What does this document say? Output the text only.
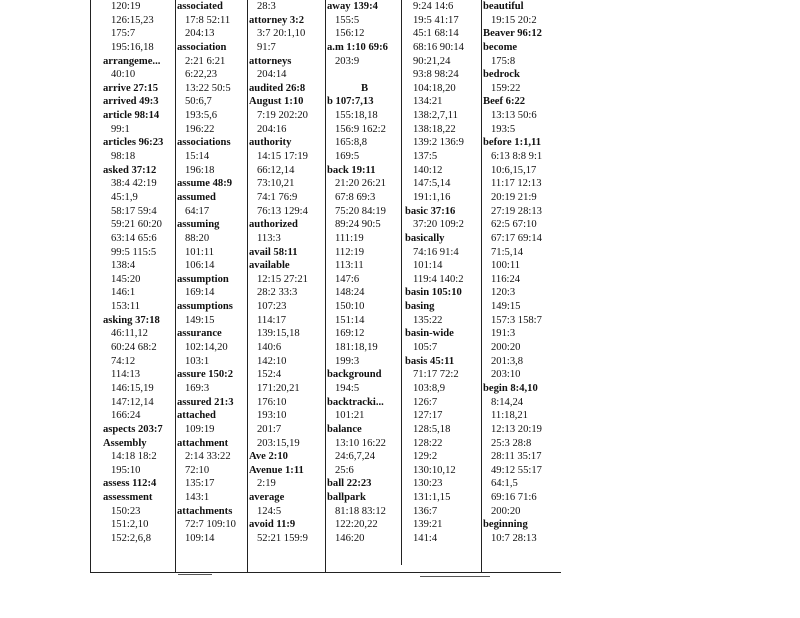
120:19
126:15,23
175:7
195:16,18
arrangeme...
40:10
arrive 27:15
arrived 49:3
article 98:14
99:1
articles 96:23
98:18
asked 37:12
38:4 42:19
45:1,9
58:17 59:4
59:21 60:20
63:14 65:6
99:5 115:5
138:4
145:20
146:1
153:11
asking 37:18
46:11,12
60:24 68:2
74:12
114:13
146:15,19
147:12,14
166:24
aspects 203:7
Assembly
14:18 18:2
195:10
assess 112:4
assessment
150:23
151:2,10
152:2,6,8
associated
17:8 52:11
204:13
association
2:21 6:21
6:22,23
13:22 50:5
50:6,7
193:5,6
196:22
associations
15:14
196:18
assume 48:9
assumed
64:17
assuming
88:20
101:11
106:14
assumption
169:14
assumptions
149:15
assurance
102:14,20
103:1
assure 150:2
169:3
assured 21:3
attached
109:19
attachment
2:14 33:22
72:10
135:17
143:1
attachments
72:7 109:10
109:14
28:3
attorney 3:2
3:7 20:1,10
91:7
attorneys
204:14
audited 26:8
August 1:10
7:19 202:20
204:16
authority
14:15 17:19
66:12,14
73:10,21
74:1 76:9
76:13 129:4
authorized
113:3
avail 58:11
available
12:15 27:21
28:2 33:3
107:23
114:17
139:15,18
140:6
142:10
152:4
171:20,21
176:10
193:10
201:7
203:15,19
Ave 2:10
Avenue 1:11
2:19
average
124:5
avoid 11:9
52:21 159:9
away 139:4
155:5
156:12
a.m 1:10 69:6
203:9
B
b 107:7,13
155:18,18
156:9 162:2
165:8,8
169:5
back 19:11
21:20 26:21
67:8 69:3
75:20 84:19
89:24 90:5
111:19
112:19
113:11
147:6
148:24
150:10
151:14
169:12
181:18,19
199:3
background
194:5
backtracki...
101:21
balance
13:10 16:22
24:6,7,24
25:6
ball 22:23
ballpark
81:18 83:12
122:20,22
146:20
9:24 14:6
19:5 41:17
45:1 68:14
68:16 90:14
90:21,24
93:8 98:24
104:18,20
134:21
138:2,7,11
138:18,22
139:2 136:9
137:5
140:12
147:5,14
191:1,16
basic 37:16
37:20 109:2
basically
74:16 91:4
101:14
119:4 140:2
basin 105:10
basing
135:22
basin-wide
105:7
basis 45:11
71:17 72:2
103:8,9
126:7
127:17
128:5,18
128:22
129:2
130:10,12
130:23
131:1,15
136:7
139:21
141:4
beautiful
19:15 20:2
Beaver 96:12
become
175:8
bedrock
159:22
Beef 6:22
13:13 50:6
193:5
before 1:1,11
6:13 8:8 9:1
10:6,15,17
11:17 12:13
20:19 21:9
27:19 28:13
62:5 67:10
67:17 69:14
71:5,14
100:11
116:24
120:3
149:15
157:3 158:7
191:3
200:20
201:3,8
203:10
begin 8:4,10
8:14,24
11:18,21
12:13 20:19
25:3 28:8
28:11 35:17
49:12 55:17
64:1,5
69:16 71:6
200:20
beginning
10:7 28:13
